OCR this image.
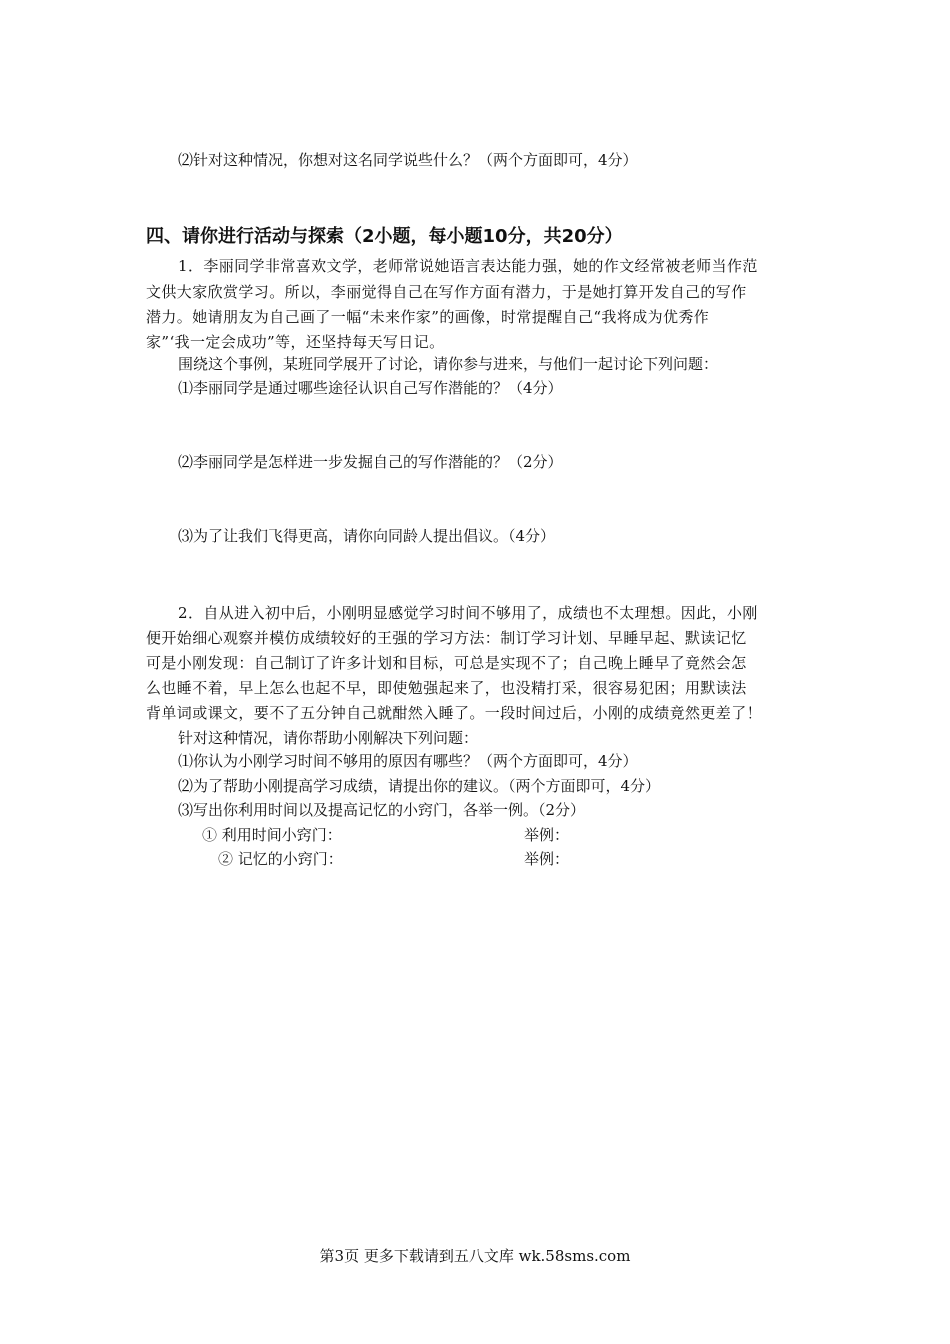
⑵针对这种情况，你想对这名同学说些什么？（两个方面即可，4分）
四、请你进行活动与探索（2小题，每小题10分，共20分）
1．李丽同学非常喜欢文学，老师常说她语言表达能力强，她的作文经常被老师当作范
文供大家欣赏学习。所以，李丽觉得自己在写作方面有潜力，于是她打算开发自己的写作
潜力。她请朋友为自己画了一幅“未来作家”的画像，时常提醒自己“我将成为优秀作
家”‘我一定会成功”等，还坚持每天写日记。
围绕这个事例，某班同学展开了讨论，请你参与进来，与他们一起讨论下列问题：
⑴李丽同学是通过哪些途径认识自己写作潜能的？（4分）
⑵李丽同学是怎样进一步发掘自己的写作潜能的？（2分）
⑶为了让我们飞得更高，请你向同龄人提出倡议。（4分）
2．自从进入初中后，小刚明显感觉学习时间不够用了，成绩也不太理想。因此，小刚
便开始细心观察并模仿成绩较好的王强的学习方法：制订学习计划、早睡早起、默读记忆
可是小刚发现：自己制订了许多计划和目标，可总是实现不了；自己晚上睡早了竟然会怎
么也睡不着，早上怎么也起不早，即使勉强起来了，也没精打采，很容易犯困；用默读法
背单词或课文，要不了五分钟自己就酣然入睡了。一段时间过后，小刚的成绩竟然更差了！
针对这种情况，请你帮助小刚解决下列问题：
⑴你认为小刚学习时间不够用的原因有哪些？（两个方面即可，4分）
⑵为了帮助小刚提高学习成绩，请提出你的建议。（两个方面即可，4分）
⑶写出你利用时间以及提高记忆的小窍门，各举一例。（2分）
① 利用时间小窍门：	举例：
② 记忆的小窍门：	举例：
第3页 更多下载请到五八文库 wk.58sms.com
